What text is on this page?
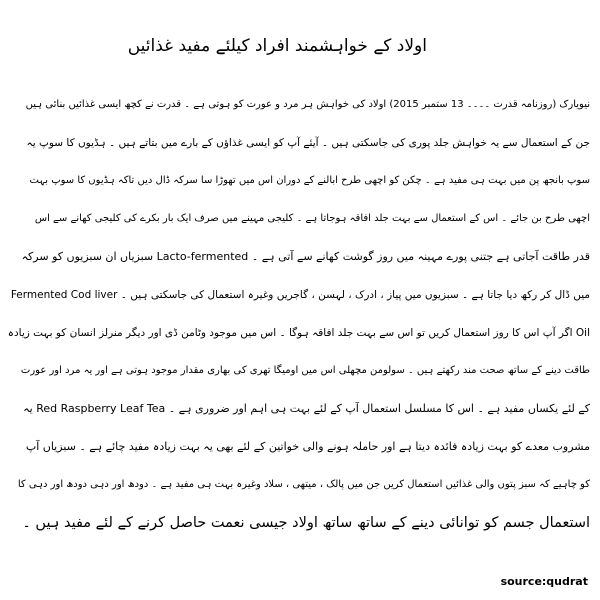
اولاد کے خواہشمند افراد کیلئے مفید غذائیں
نیویارک (روزنامہ قدرت ۔۔۔۔ 13 ستمبر 2015) اولاد کی خواہش ہر مرد و عورت کو ہوتی ہے ۔ قدرت نے کچھ ایسی غذائیں بنائی ہیں
جن کے استعمال سے یہ خواہش جلد پوری کی جاسکتی ہیں ۔ آیئے آپ کو ایسی غذاؤں کے بارے میں بتاتے ہیں ۔ ہڈیوں کا سوپ یہ
سوپ بانجھ پن میں بہت ہی مفید ہے ۔ چکن کو اچھی طرح ابالنے کے دوران اس میں تھوڑا سا سرکہ ڈال دیں تاکہ ہڈیوں کا سوپ بہت
اچھی طرح بن جائے ۔ اس کے استعمال سے بہت جلد افاقہ ہوجاتا ہے ۔ کلیجی مہینے میں صرف ایک بار بکرے کی کلیجی کھانے سے اس
قدر طاقت آجاتی ہے جتنی پورے مہینہ میں روز گوشت کھانے سے آتی ہے ۔ Lacto-fermented سبزیاں ان سبزیوں کو سرکہ
میں ڈال کر رکھ دیا جاتا ہے ۔ سبزیوں میں پیاز ، ادرک ، لہسن ، گاجریں وغیرہ استعمال کی جاسکتی ہیں ۔ Fermented Cod liver
Oil اگر آپ اس کا روز استعمال کریں تو اس سے بہت جلد افاقہ ہوگا ۔ اس میں موجود وٹامن ڈی اور دیگر منرلز انسان کو بہت زیادہ
طاقت دینے کے ساتھ صحت مند رکھتے ہیں ۔ سولومن مچھلی اس میں اومیگا تھری کی بھاری مقدار موجود ہوتی ہے اور یہ مرد اور عورت
کے لئے یکساں مفید ہے ۔ اس کا مسلسل استعمال آپ کے لئے بہت ہی اہم اور ضروری ہے ۔ Red Raspberry Leaf Tea یہ
مشروب معدے کو بہت زیادہ فائدہ دیتا ہے اور حاملہ ہونے والی خواتین کے لئے بھی یہ بہت زیادہ مفید چائے ہے ۔ سبزیاں آپ
کو چاہیے کہ سبز پتوں والی غذائیں استعمال کریں جن میں پالک ، میتھی ، سلاد وغیرہ بہت ہی مفید ہے ۔ دودھ اور دہی دودھ اور دہی کا
استعمال جسم کو توانائی دینے کے ساتھ ساتھ اولاد جیسی نعمت حاصل کرنے کے لئے مفید ہیں ۔
source:qudrat
